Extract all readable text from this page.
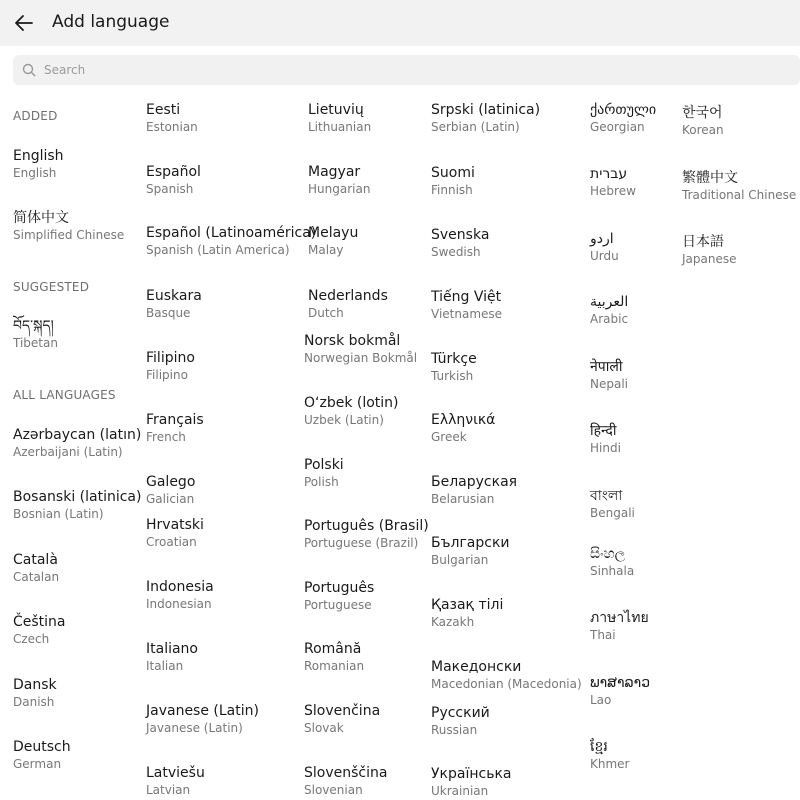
Add language
Search
ADDED
SUGGESTED
ALL LANGUAGES
English
English
简体中文
Simplified Chinese
བོད་སྐད།
Tibetan
Azərbaycan (latın)
Azerbaijani (Latin)
Bosanski (latinica)
Bosnian (Latin)
Català
Catalan
Čeština
Czech
Dansk
Danish
Deutsch
German
Eesti
Estonian
Español
Spanish
Español (Latinoamérica)
Spanish (Latin America)
Euskara
Basque
Filipino
Filipino
Français
French
Galego
Galician
Hrvatski
Croatian
Indonesia
Indonesian
Italiano
Italian
Javanese (Latin)
Javanese (Latin)
Latviešu
Latvian
Lietuvių
Lithuanian
Magyar
Hungarian
Melayu
Malay
Nederlands
Dutch
Norsk bokmål
Norwegian Bokmål
Oʻzbek (lotin)
Uzbek (Latin)
Polski
Polish
Português (Brasil)
Portuguese (Brazil)
Português
Portuguese
Română
Romanian
Slovenčina
Slovak
Slovenščina
Slovenian
Srpski (latinica)
Serbian (Latin)
Suomi
Finnish
Svenska
Swedish
Tiếng Việt
Vietnamese
Türkçe
Turkish
Ελληνικά
Greek
Беларуская
Belarusian
Български
Bulgarian
Қазақ тілі
Kazakh
Македонски
Macedonian (Macedonia)
Русский
Russian
Українська
Ukrainian
ქართული
Georgian
עברית
Hebrew
اردو
Urdu
العربية
Arabic
नेपाली
Nepali
हिन्दी
Hindi
বাংলা
Bengali
සිංහල
Sinhala
ภาษาไทย
Thai
ພາສາລາວ
Lao
ខ្មែរ
Khmer
한국어
Korean
繁體中文
Traditional Chinese
日本語
Japanese
